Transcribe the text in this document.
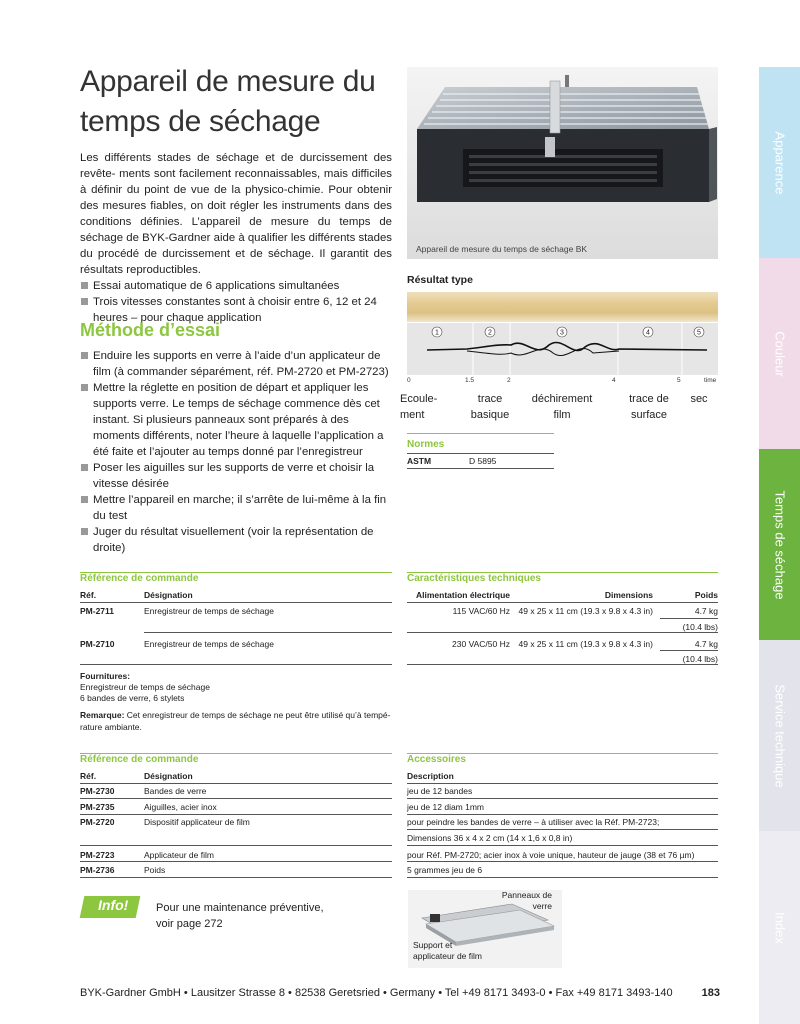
Appareil de mesure du temps de séchage

Les différents stades de séchage et de durcissement des revête- ments sont facilement reconnaissables, mais difficiles à définir du point de vue de la physico-chimie. Pour obtenir des mesures fiables, on doit régler les instruments dans des conditions définies. L’appareil de mesure du temps de séchage de BYK-Gardner aide à qualifier les différents stades du procédé de durcissement et de séchage. Il garantit des résultats reproductibles.

Essai automatique de 6 applications simultanées
Trois vitesses constantes sont à choisir entre 6, 12 et 24 heures – pour chaque application
Méthode d’essai
Enduire les supports en verre à l’aide d’un applicateur de film (à commander séparément, réf. PM-2720 et PM-2723)
Mettre la réglette en position de départ et appliquer les supports verre. Le temps de séchage commence dès cet instant. Si plusieurs panneaux sont préparés à des moments différents, noter l’heure à laquelle l’application a été faite et l’ajouter au temps donné par l’enregistreur
Poser les aiguilles sur les supports de verre et choisir la vitesse désirée
Mettre l’appareil en marche; il s’arrête de lui-même à la fin du test
Juger du résultat visuellement (voir la représentation de droite)
Appareil de mesure du temps de séchage BK
Résultat type
1	2	3	4	5
0	1.5	2	4	5	time
Ecoule- ment
trace basique
déchirement film
trace de surface
sec
Normes
ASTM	D 5895
Référence de commande
Réf.	Désignation
PM-2711	Enregistreur de temps de séchage
PM-2710	Enregistreur de temps de séchage
Fournitures:
Enregistreur de temps de séchage
6 bandes de verre, 6 stylets
Remarque: Cet enregistreur de temps de séchage ne peut être utilisé qu’à tempé- rature ambiante.
Caractéristiques techniques
Alimentation électrique	Dimensions	Poids
115 VAC/60 Hz 49 x 25 x 11 cm (19.3 x 9.8 x 4.3 in)	4.7 kg
(10.4 lbs)
230 VAC/50 Hz 49 x 25 x 11 cm (19.3 x 9.8 x 4.3 in)	4.7 kg
(10.4 lbs)
Référence de commande
Réf.	Désignation
PM-2730	Bandes de verre
PM-2735	Aiguilles, acier inox
PM-2720	Dispositif applicateur de film
PM-2723	Applicateur de film
PM-2736	Poids
Accessoires
Description
jeu de 12 bandes
jeu de 12 diam 1mm
pour peindre les bandes de verre – à utiliser avec la Réf. PM-2723;
Dimensions 36 x 4 x 2 cm (14 x 1,6 x 0,8 in)
pour Réf. PM-2720; acier inox à voie unique, hauteur de jauge (38 et 76 µm)
5 grammes jeu de 6
Info!	Pour une maintenance préventive,
voir page 272
Panneaux de verre
Support et applicateur de film
BYK-Gardner GmbH • Lausitzer Strasse 8 • 82538 Geretsried • Germany • Tel +49 8171 3493-0 • Fax +49 8171 3493-140	183
Apparence
Couleur
Temps de séchage
Service technique
Index
